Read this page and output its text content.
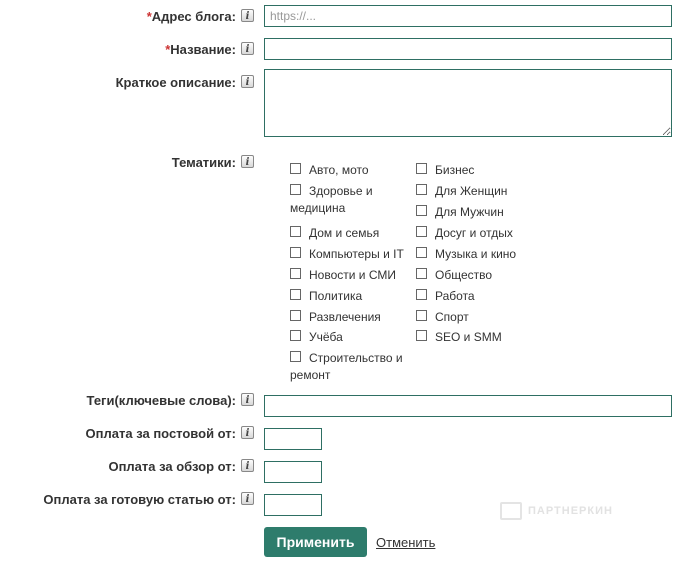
*Адрес блога: i
https://...
*Название: i
Краткое описание: i
Тематики: i
Авто, мото
Здоровье и медицина
Дом и семья
Компьютеры и IT
Новости и СМИ
Политика
Развлечения
Учёба
Строительство и ремонт
Бизнес
Для Женщин
Для Мужчин
Досуг и отдых
Музыка и кино
Общество
Работа
Спорт
SEO и SMM
Теги(ключевые слова): i
Оплата за постовой от: i
Оплата за обзор от: i
Оплата за готовую статью от: i
ПАРТНЕРКИН
Применить	Отменить
